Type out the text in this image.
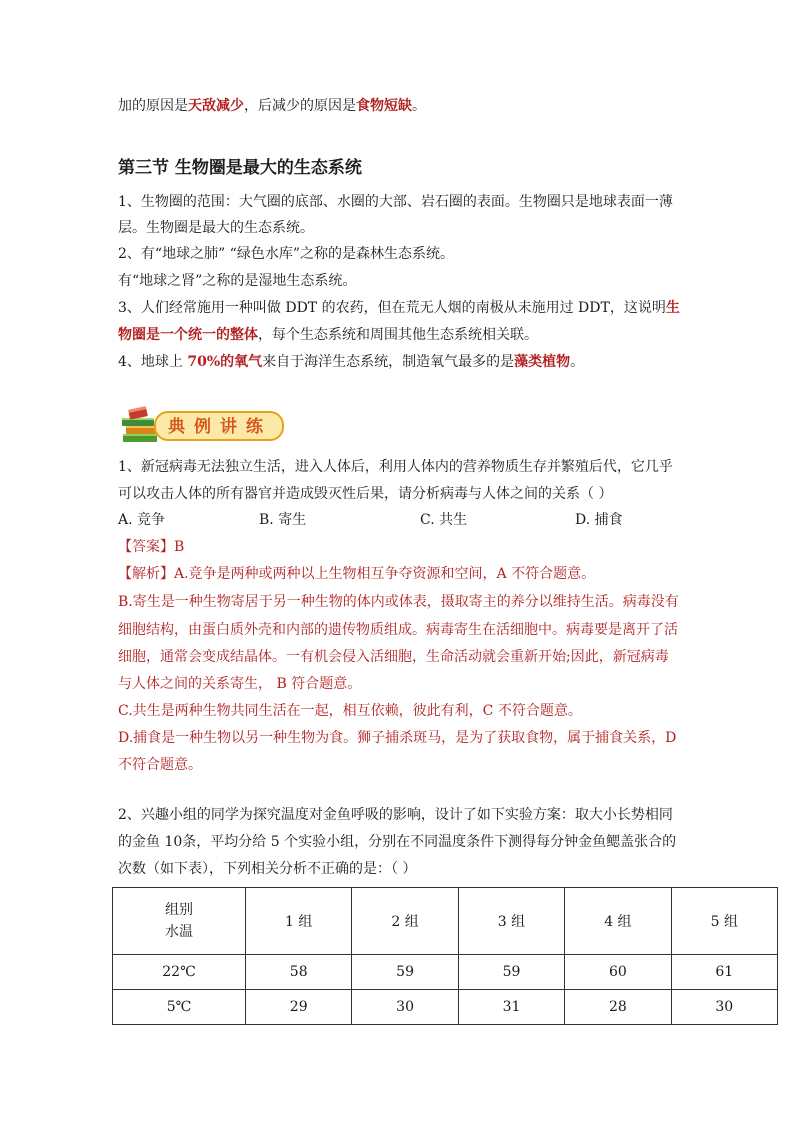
加的原因是天敌减少，后减少的原因是食物短缺。
第三节 生物圈是最大的生态系统
1、生物圈的范围：大气圈的底部、水圈的大部、岩石圈的表面。生物圈只是地球表面一薄
层。生物圈是最大的生态系统。
2、有“地球之肺” “绿色水库”之称的是森林生态系统。
有“地球之肾”之称的是湿地生态系统。
3、人们经常施用一种叫做 DDT 的农药，但在荒无人烟的南极从未施用过 DDT，这说明生
物圈是一个统一的整体，每个生态系统和周围其他生态系统相关联。
4、地球上 70%的氧气来自于海洋生态系统，制造氧气最多的是藻类植物。
典例讲练
1、新冠病毒无法独立生活，进入人体后，利用人体内的营养物质生存并繁殖后代，它几乎
可以攻击人体的所有器官并造成毁灭性后果，请分析病毒与人体之间的关系（ ）
A. 竞争	B. 寄生	C. 共生	D. 捕食
【答案】B
【解析】A.竞争是两种或两种以上生物相互争夺资源和空间，A 不符合题意。
B.寄生是一种生物寄居于另一种生物的体内或体表，摄取寄主的养分以维持生活。病毒没有
细胞结构，由蛋白质外壳和内部的遗传物质组成。病毒寄生在活细胞中。病毒要是离开了活
细胞，通常会变成结晶体。一有机会侵入活细胞，生命活动就会重新开始;因此，新冠病毒
与人体之间的关系寄生， B 符合题意。
C.共生是两种生物共同生活在一起，相互依赖，彼此有利，C 不符合题意。
D.捕食是一种生物以另一种生物为食。狮子捕杀斑马，是为了获取食物，属于捕食关系，D
不符合题意。
2、兴趣小组的同学为探究温度对金鱼呼吸的影响，设计了如下实验方案：取大小长势相同
的金鱼 10条，平均分给 5 个实验小组，分别在不同温度条件下测得每分钟金鱼鳃盖张合的
次数（如下表），下列相关分析不正确的是：（ ）
组别
水温	1 组	2 组	3 组	4 组	5 组
22℃	58	59	59	60	61
5℃	29	30	31	28	30
